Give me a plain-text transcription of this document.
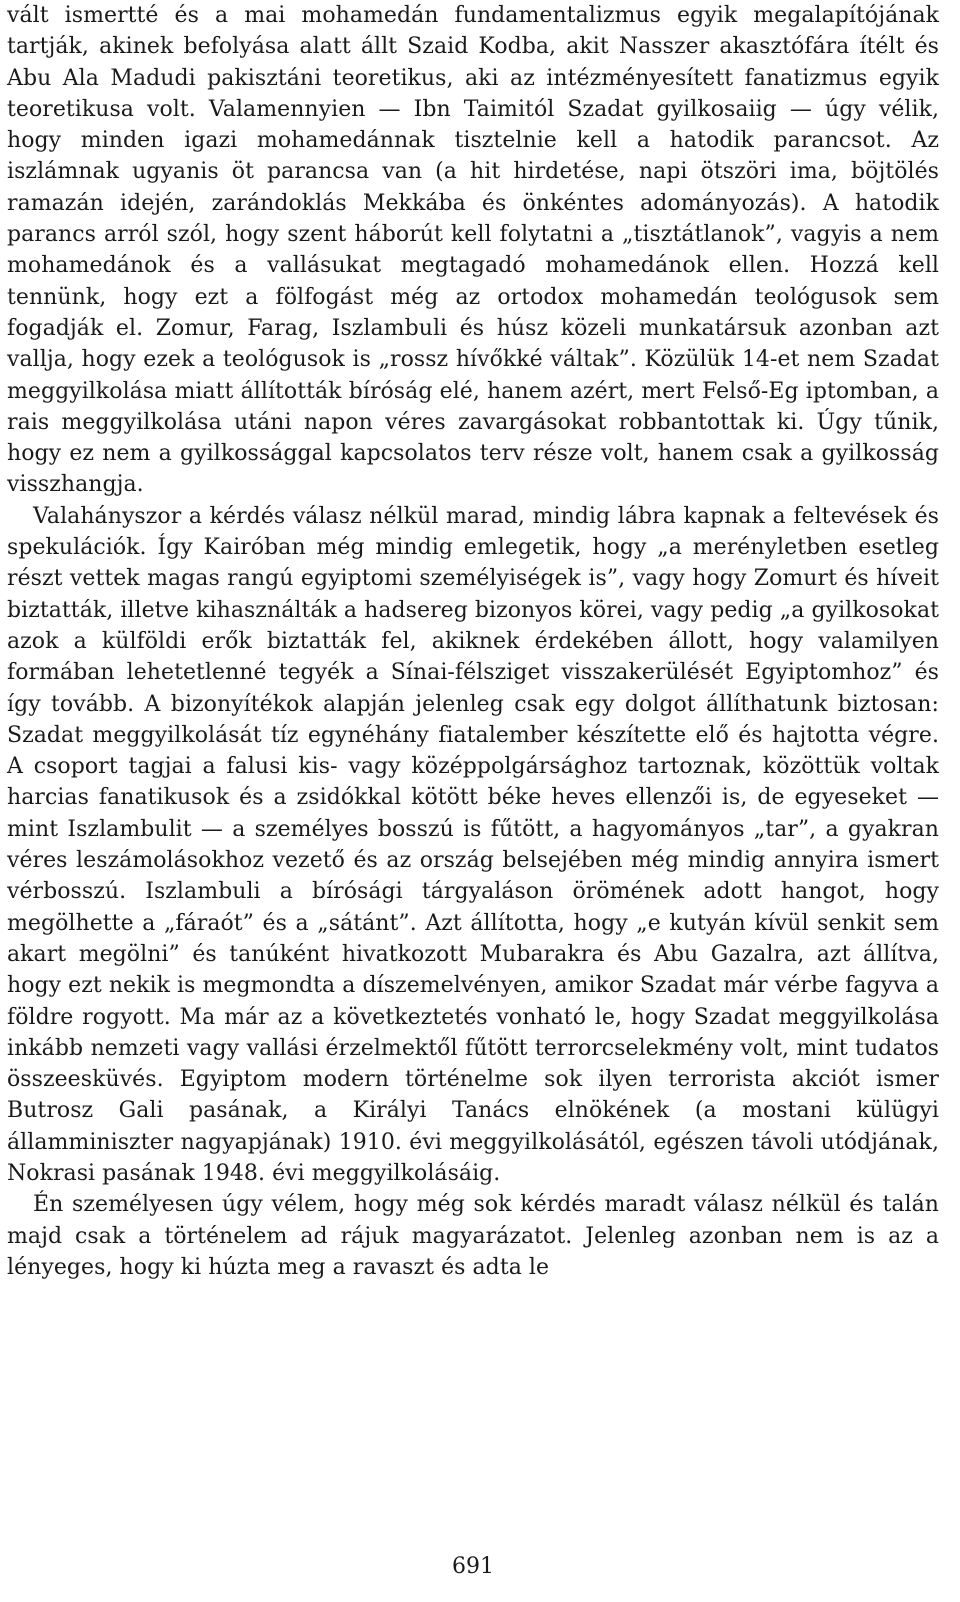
vált ismertté és a mai mohamedán fundamentalizmus egyik megalapítójának tartják, akinek befolyása alatt állt Szaid Kodba, akit Nasszer akasztófára ítélt és Abu Ala Madudi pakisztáni teoretikus, aki az intézményesített fanatizmus egyik teoretikusa volt. Valamennyien — Ibn Taimitól Szadat gyilkosaiig — úgy vélik, hogy minden igazi mohamedánnak tisztelnie kell a hatodik parancsot. Az iszlámnak ugyanis öt parancsa van (a hit hirdetése, napi ötszöri ima, böjtölés ramazán idején, zarándoklás Mekkába és önkéntes adományozás). A hatodik parancs arról szól, hogy szent háborút kell folytatni a „tisztátlanok”, vagyis a nem mohamedánok és a vallásukat megtagadó mohamedánok ellen. Hozzá kell tennünk, hogy ezt a fölfogást még az ortodox mohamedán teológusok sem fogadják el. Zomur, Farag, Iszlambuli és húsz közeli munkatársuk azonban azt vallja, hogy ezek a teológusok is „rossz hívőkké váltak”. Közülük 14-et nem Szadat meggyilkolása miatt állították bíróság elé, hanem azért, mert Felső-Eg iptomban, a rais meggyilkolása utáni napon véres zavargásokat robbantottak ki. Úgy tűnik, hogy ez nem a gyilkossággal kapcsolatos terv része volt, hanem csak a gyilkosság visszhangja.

Valahányszor a kérdés válasz nélkül marad, mindig lábra kapnak a feltevések és spekulációk. Így Kairóban még mindig emlegetik, hogy „a merényletben esetleg részt vettek magas rangú egyiptomi személyiségek is”, vagy hogy Zomurt és híveit biztatták, illetve kihasználták a hadsereg bizonyos körei, vagy pedig „a gyilkosokat azok a külföldi erők biztatták fel, akiknek érdekében állott, hogy valamilyen formában lehetetlenné tegyék a Sínai-félsziget visszakerülését Egyiptomhoz” és így tovább. A bizonyítékok alapján jelenleg csak egy dolgot állíthatunk biztosan: Szadat meggyilkolását tíz egynéhány fiatalember készítette elő és hajtotta végre. A csoport tagjai a falusi kis- vagy középpolgársághoz tartoznak, közöttük voltak harcias fanatikusok és a zsidókkal kötött béke heves ellenzői is, de egyeseket — mint Iszlambulit — a személyes bosszú is fűtött, a hagyományos „tar”, a gyakran véres leszámolásokhoz vezető és az ország belsejében még mindig annyira ismert vérbosszú. Iszlambuli a bírósági tárgyaláson örömének adott hangot, hogy megölhette a „fáraót” és a „sátánt”. Azt állította, hogy „e kutyán kívül senkit sem akart megölni” és tanúként hivatkozott Mubarakra és Abu Gazalra, azt állítva, hogy ezt nekik is megmondta a díszemelvényen, amikor Szadat már vérbe fagyva a földre rogyott. Ma már az a következtetés vonható le, hogy Szadat meggyilkolása inkább nemzeti vagy vallási érzelmektől fűtött terrorcselekmény volt, mint tudatos összeesküvés. Egyiptom modern történelme sok ilyen terrorista akciót ismer Butrosz Gali pasának, a Királyi Tanács elnökének (a mostani külügyi államminiszter nagyapjának) 1910. évi meggyilkolásától, egészen távoli utódjának, Nokrasi pasának 1948. évi meggyilkolásáig.

Én személyesen úgy vélem, hogy még sok kérdés maradt válasz nélkül és talán majd csak a történelem ad rájuk magyarázatot. Jelenleg azonban nem is az a lényeges, hogy ki húzta meg a ravaszt és adta le

691
